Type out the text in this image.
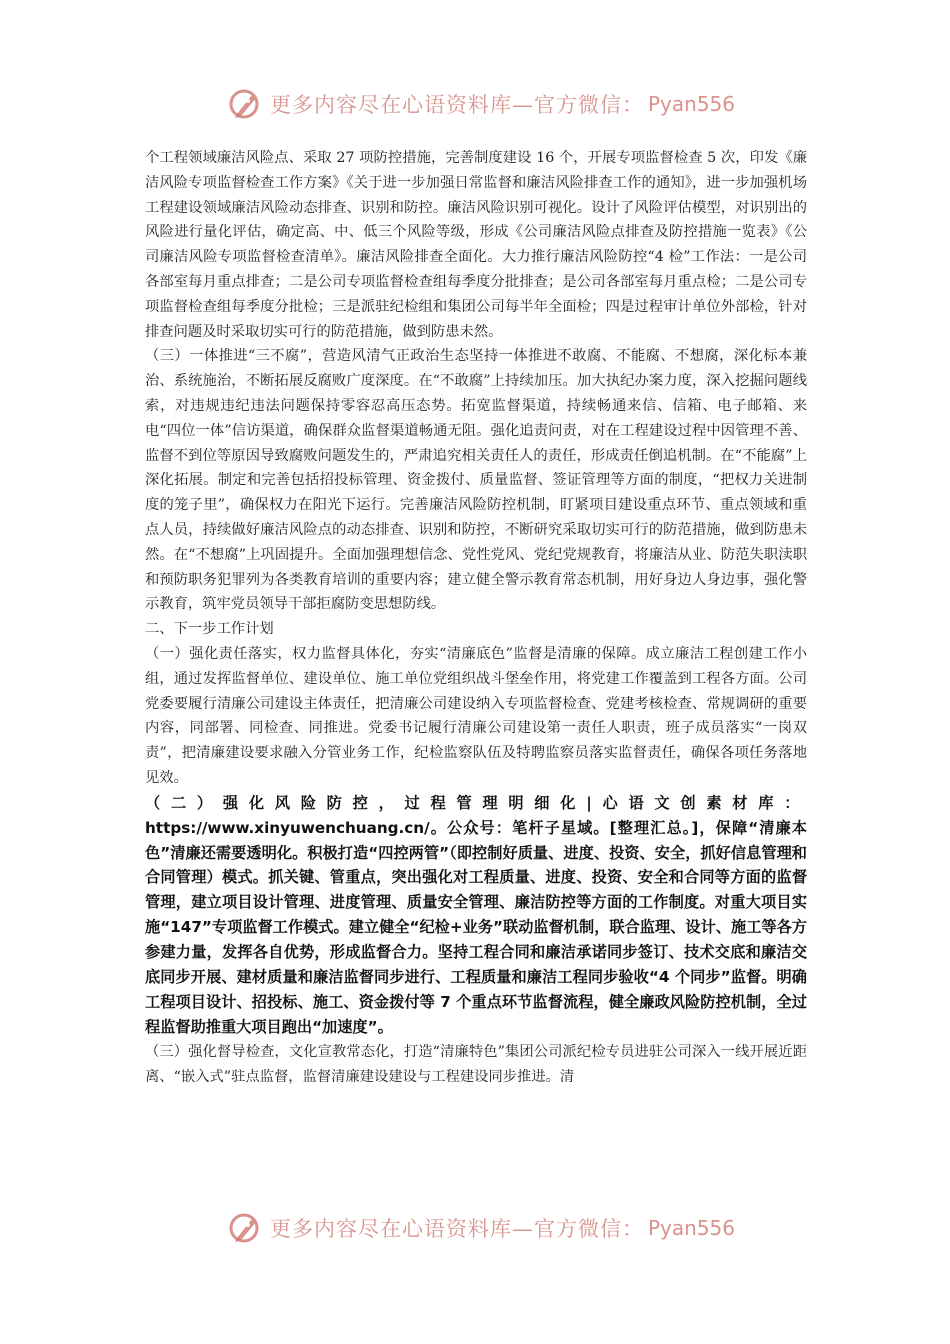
更多内容尽在心语资料库—官方微信： Pyan556

个工程领域廉洁风险点、采取 27 项防控措施，完善制度建设 16 个，开展专项监督检查 5 次，印发《廉洁风险专项监督检查工作方案》《关于进一步加强日常监督和廉洁风险排查工作的通知》，进一步加强机场工程建设领域廉洁风险动态排查、识别和防控。廉洁风险识别可视化。设计了风险评估模型，对识别出的风险进行量化评估，确定高、中、低三个风险等级，形成《公司廉洁风险点排查及防控措施一览表》《公司廉洁风险专项监督检查清单》。廉洁风险排查全面化。大力推行廉洁风险防控“4 检”工作法：一是公司各部室每月重点排查；二是公司专项监督检查组每季度分批排查；是公司各部室每月重点检；二是公司专项监督检查组每季度分批检；三是派驻纪检组和集团公司每半年全面检；四是过程审计单位外部检，针对排查问题及时采取切实可行的防范措施，做到防患未然。

（三）一体推进“三不腐”，营造风清气正政治生态坚持一体推进不敢腐、不能腐、不想腐，深化标本兼治、系统施治，不断拓展反腐败广度深度。在“不敢腐”上持续加压。加大执纪办案力度，深入挖掘问题线索，对违规违纪违法问题保持零容忍高压态势。拓宽监督渠道，持续畅通来信、信箱、电子邮箱、来电“四位一体”信访渠道，确保群众监督渠道畅通无阻。强化追责问责，对在工程建设过程中因管理不善、监督不到位等原因导致腐败问题发生的，严肃追究相关责任人的责任，形成责任倒追机制。在“不能腐”上深化拓展。制定和完善包括招投标管理、资金拨付、质量监督、签证管理等方面的制度，“把权力关进制度的笼子里”，确保权力在阳光下运行。完善廉洁风险防控机制，盯紧项目建设重点环节、重点领域和重点人员，持续做好廉洁风险点的动态排查、识别和防控，不断研究采取切实可行的防范措施，做到防患未然。在“不想腐”上巩固提升。全面加强理想信念、党性党风、党纪党规教育，将廉洁从业、防范失职渎职和预防职务犯罪列为各类教育培训的重要内容；建立健全警示教育常态机制，用好身边人身边事，强化警示教育，筑牢党员领导干部拒腐防变思想防线。

二、下一步工作计划

（一）强化责任落实，权力监督具体化，夯实“清廉底色”监督是清廉的保障。成立廉洁工程创建工作小组，通过发挥监督单位、建设单位、施工单位党组织战斗堡垒作用，将党建工作覆盖到工程各方面。公司党委要履行清廉公司建设主体责任，把清廉公司建设纳入专项监督检查、党建考核检查、常规调研的重要内容，同部署、同检查、同推进。党委书记履行清廉公司建设第一责任人职责，班子成员落实“一岗双责”，把清廉建设要求融入分管业务工作，纪检监察队伍及特聘监察员落实监督责任，确保各项任务落地见效。

（二）强化风险防控，过程管理明细化|心语文创素材库： https://www.xinyuwenchuang.cn/。公众号：笔杆子星域。[整理汇总。]，保障“清廉本色”清廉还需要透明化。积极打造“四控两管”（即控制好质量、进度、投资、安全，抓好信息管理和合同管理）模式。抓关键、管重点，突出强化对工程质量、进度、投资、安全和合同等方面的监督管理，建立项目设计管理、进度管理、质量安全管理、廉洁防控等方面的工作制度。对重大项目实施“147”专项监督工作模式。建立健全“纪检+业务”联动监督机制，联合监理、设计、施工等各方参建力量，发挥各自优势，形成监督合力。坚持工程合同和廉洁承诺同步签订、技术交底和廉洁交底同步开展、建材质量和廉洁监督同步进行、工程质量和廉洁工程同步验收“4 个同步”监督。明确工程项目设计、招投标、施工、资金拨付等 7 个重点环节监督流程，健全廉政风险防控机制，全过程监督助推重大项目跑出“加速度”。

（三）强化督导检查，文化宣教常态化，打造“清廉特色”集团公司派纪检专员进驻公司深入一线开展近距离、“嵌入式”驻点监督，监督清廉建设建设与工程建设同步推进。清

更多内容尽在心语资料库—官方微信： Pyan556
